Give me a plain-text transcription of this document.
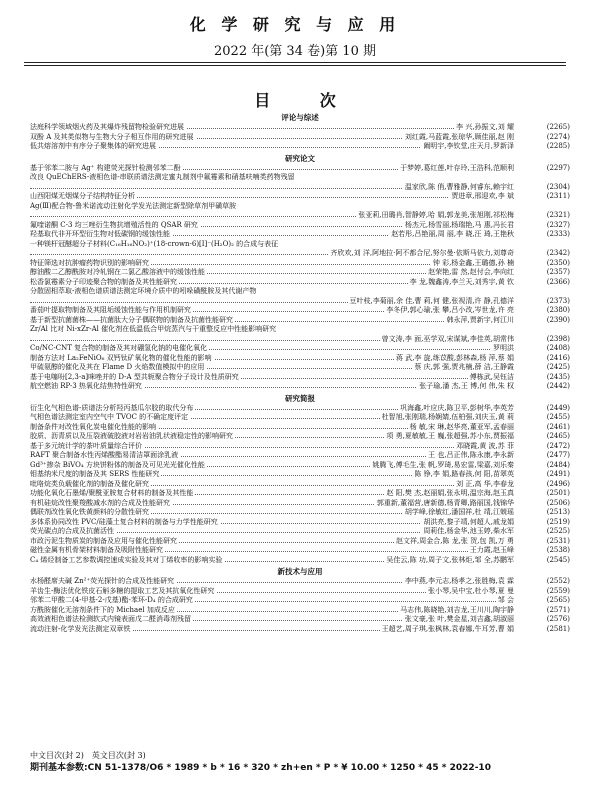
化 学 研 究 与 应 用
2022 年(第 34 卷)第 10 期
目 次
评论与综述
法庭科学领域烟火药及其爆炸残留物检验研究进展	李 兴,孙振文,刘 耀	(2265)
双酚 A 及其类似物与生物大分子相互作用的研究进展	刘红霞,马蓝霞,张琼华,顾佳丽,赵 刚	(2274)
低共熔溶剂中有序分子聚集体的研究进展	阚明宇,李钦堂,庄天月,罗新泽	(2285)
研究论文
基于邻苯二胺与 Ag⁺ 构建荧光探针检测邻苯二酚	于梦婷,葛红莲,叶存玲,王浩科,范顺利	(2297)
改良 QuEChERS-液相色谱-串联质谱法测定蜜丸制剂中氟霉素和硝基呋喃类药物残留
温家欣,陈 俏,曹雅静,何睿东,赖宇红	(2304)
山西阳煤无烟煤分子结构特征分析	贾进章,邢迎欢,李 斌	(2311)
Ag(Ⅲ)配合物-鲁米诺流动注射化学发光法测定新型除草剂甲磺草胺
张亚莉,田璐肖,智静婷,哈 娟,郭龙美,张旭刚,祁松梅	(2321)
氟喹诺酮 C-3 均三唑衍生物抗增殖活性的 QSAR 研究	杨杰元,杨雪丽,杨瑞艳,马 惠,冯长君	(2327)
羟基取代非开环型衍生物对低碳钢的缓蚀性能	赵若彤,吕艳丽,周 丽,李 晓,汪 琦,王艳秋	(2333)
一种镁杆冠醚超分子材料(C₁₆H₁₆NO₂)⁺(18-crown-6)[I]⁻(H₂O)₂ 的合成与表征
齐欣欢,刘 洋,阿地拉·阿不都合尼,努尔曼·依斯马依力,刘尊奇	(2342)
特征筛选对抗肿瘤药物识别的影响研究	钟 彩,杨金鑫,王璐德,孙 楠	(2350)
醇油酸二乙醇酰胺对冷轧钢在二氯乙酸溶液中的缓蚀性能	赵荣艳,雷 然,赵付会,李向红	(2357)
松香氯霉素分子印迹聚合物的制备及其性能研究	李 龙,魏鑫涛,李兰天,刘秀宇,黄 钦	(2366)
分散固相萃取-液相色谱质谱法测定环境介质中的吲哚磺酰胺及其代谢产物
豆叶枝,李菊丽,余 佳,曹 莉,何 健,张视清,许 静,孔德洋	(2373)
番茄叶提取物制备及其阻垢缓蚀性能与作用机制研究	李冬伊,郭心瑜,张 攀,吕小改,岑世龙,许 亮	(2380)
基于新型抗菌菌株——抗菌肽大分子偶联物的制备及抗菌性能研究	韩永萍,贾新宇,何江川	(2390)
Zr/Al 比对 Ni-xZr-Al 催化剂在低温低合甲烷蒸汽与干重整反应中性能影响研究
曾文涛,李 面,巫学双,宋谋斌,李佳英,胡常伟	(2398)
Co/NC-CNT 复合物的制备及其对硼氢化钠的电催化氧化	罗明洪	(2408)
制备方法对 La₂FeNiO₆ 双钙钛矿氧化物的催化性能的影响	蒋 武,李 旋,练苡酸,彭林森,杨 萍,蔡 娟	(2416)
甲硫氨醇的催化及其在 Flame D 火焰数值模拟中的应用	蔡 庆,郭 强,贾兆楠,薛 洁,王静霞	(2425)
基于电噻吩[2,3-a]咪唑并的 D-A 型共轭聚合物分子设计及性质研究	傅栋武,吴钰洁	(2435)
航空燃油 RP-3 热氧化结焦特性研究	张子瑜,潘 杰,王 博,何 伟,朱 权	(2442)
研究简报
衍生化气相色谱-质谱法分析羟丙基瓜尔胶的取代分布	巩海鑫,叶应庆,陈卫平,彭树华,李英芳	(2449)
气相色谱法测定室内空气中 TVOC 的不确定度评定	杜智旭,张刚瑞,杨娴婧,伍柏强,刘庆玉,黄 莉	(2455)
制备条件对改性氧化炭电催化性能的影响	杨 敏,宋 琳,赵华亮,董亚军,孟春丽	(2461)
胶质、沥青质以及压裂液破胶液对岩岩油乳状液稳定性的影响研究	项 勇,夏敏敏,王 巍,张超强,苏小东,贾振福	(2465)
基于多元统计学的茶叶质量综合评价	邓晓霞,黄 波,苏 菲	(2472)
RAFT 聚合制备水性丙烯酸酯易清洁罩面涂乳液	王 也,吕正伟,陈永康,李永新	(2477)
Gd³⁺掺杂 BiVO₄ 方块饼粉体的制备及可见光光催化性能	姚腾飞,傅毛生,张 帆,罗琦,易宏雷,梁嘉,刘乐秦	(2484)
钼基纳米尺度的制备及其 SERS 性能研究	陈 铮,李 娟,路春孩,何 阳,苗翠英	(2491)
吡咯烷类负载催化剂的制备及催化研究	刘 正,高 华,李春龙	(2496)
功能化氧化石墨烯/聚酰亚胺复合材料的制备及其性能	赵 阳,樊 杰,赵丽娟,张永明,温宗海,赵玉真	(2501)
有机硅烷改性聚羧酸减水剂的合成及性能研究	郭重新,董福营,唐新德,杨青卿,路丽国,钱锦华	(2506)
偶联剂改性氧化铁黄颜料的分散性研究	胡学峰,徐敏红,潘国祥,杜 靖,江兢瑶	(2513)
多体系协同改性 PVC/硅藻土复合材料的制备与力学性能研究	胡洪亮,黎子靖,何超人,戚龙娟	(2519)
荧光碳点的合成及抗菌活性	周莉佳,杨金华,池玉婷,柴水军	(2525)
市政污泥生物质炭的制备及应用与催化性能研究	赵文祥,周金合,陈 龙,张 贺,包 凯,万 勇	(2531)
磁性金属有机骨架材料制备及吸附性能研究	王力霞,赵玉峰	(2538)
C₄ 烯烃制备工艺参数调控速成实验及其对丁烯收率的影响实验	吴佳云,陈 功,周子文,张林炬,邹 全,苏鹏军	(2545)
新技术与应用
水杨醛席夫碱 Zn²⁺荧光探针的合成及性能研究	李中燕,李元志,杨孝之,张胜梅,袁 霖	(2552)
羊齿生-酶法优化铁皮石斛多糖的提取工艺及其抗氧化性研究	张小琴,吴中宝,杜小琴,夏 曼	(2559)
邻苯二甲酸二(4-甲基-2-戊基)酯-苯环-D₄ 的合成研究	邹 会	(2565)
方酰胺催化无溶剂条件下的 Michael 加成反应	马志伟,陈晓艳,刘吉龙,王川川,陶宇静	(2571)
高效液相色谱法检测软式内镜表面戊二醛消毒剂残留	张文豪,张 叶,樊金星,刘吉鑫,胡淑丽	(2576)
流动注射-化学发光法测定双章铁	王超艺,周子琪,张枫林,袁春娜,牛耳芳,曹 娟	(2581)
中文目次(封 2)　英文目次(封 3)
期刊基本参数:CN 51-1378/O6 * 1989 * b * 16 * 320 * zh+en * P * ¥ 10.00 * 1250 * 45 * 2022-10
